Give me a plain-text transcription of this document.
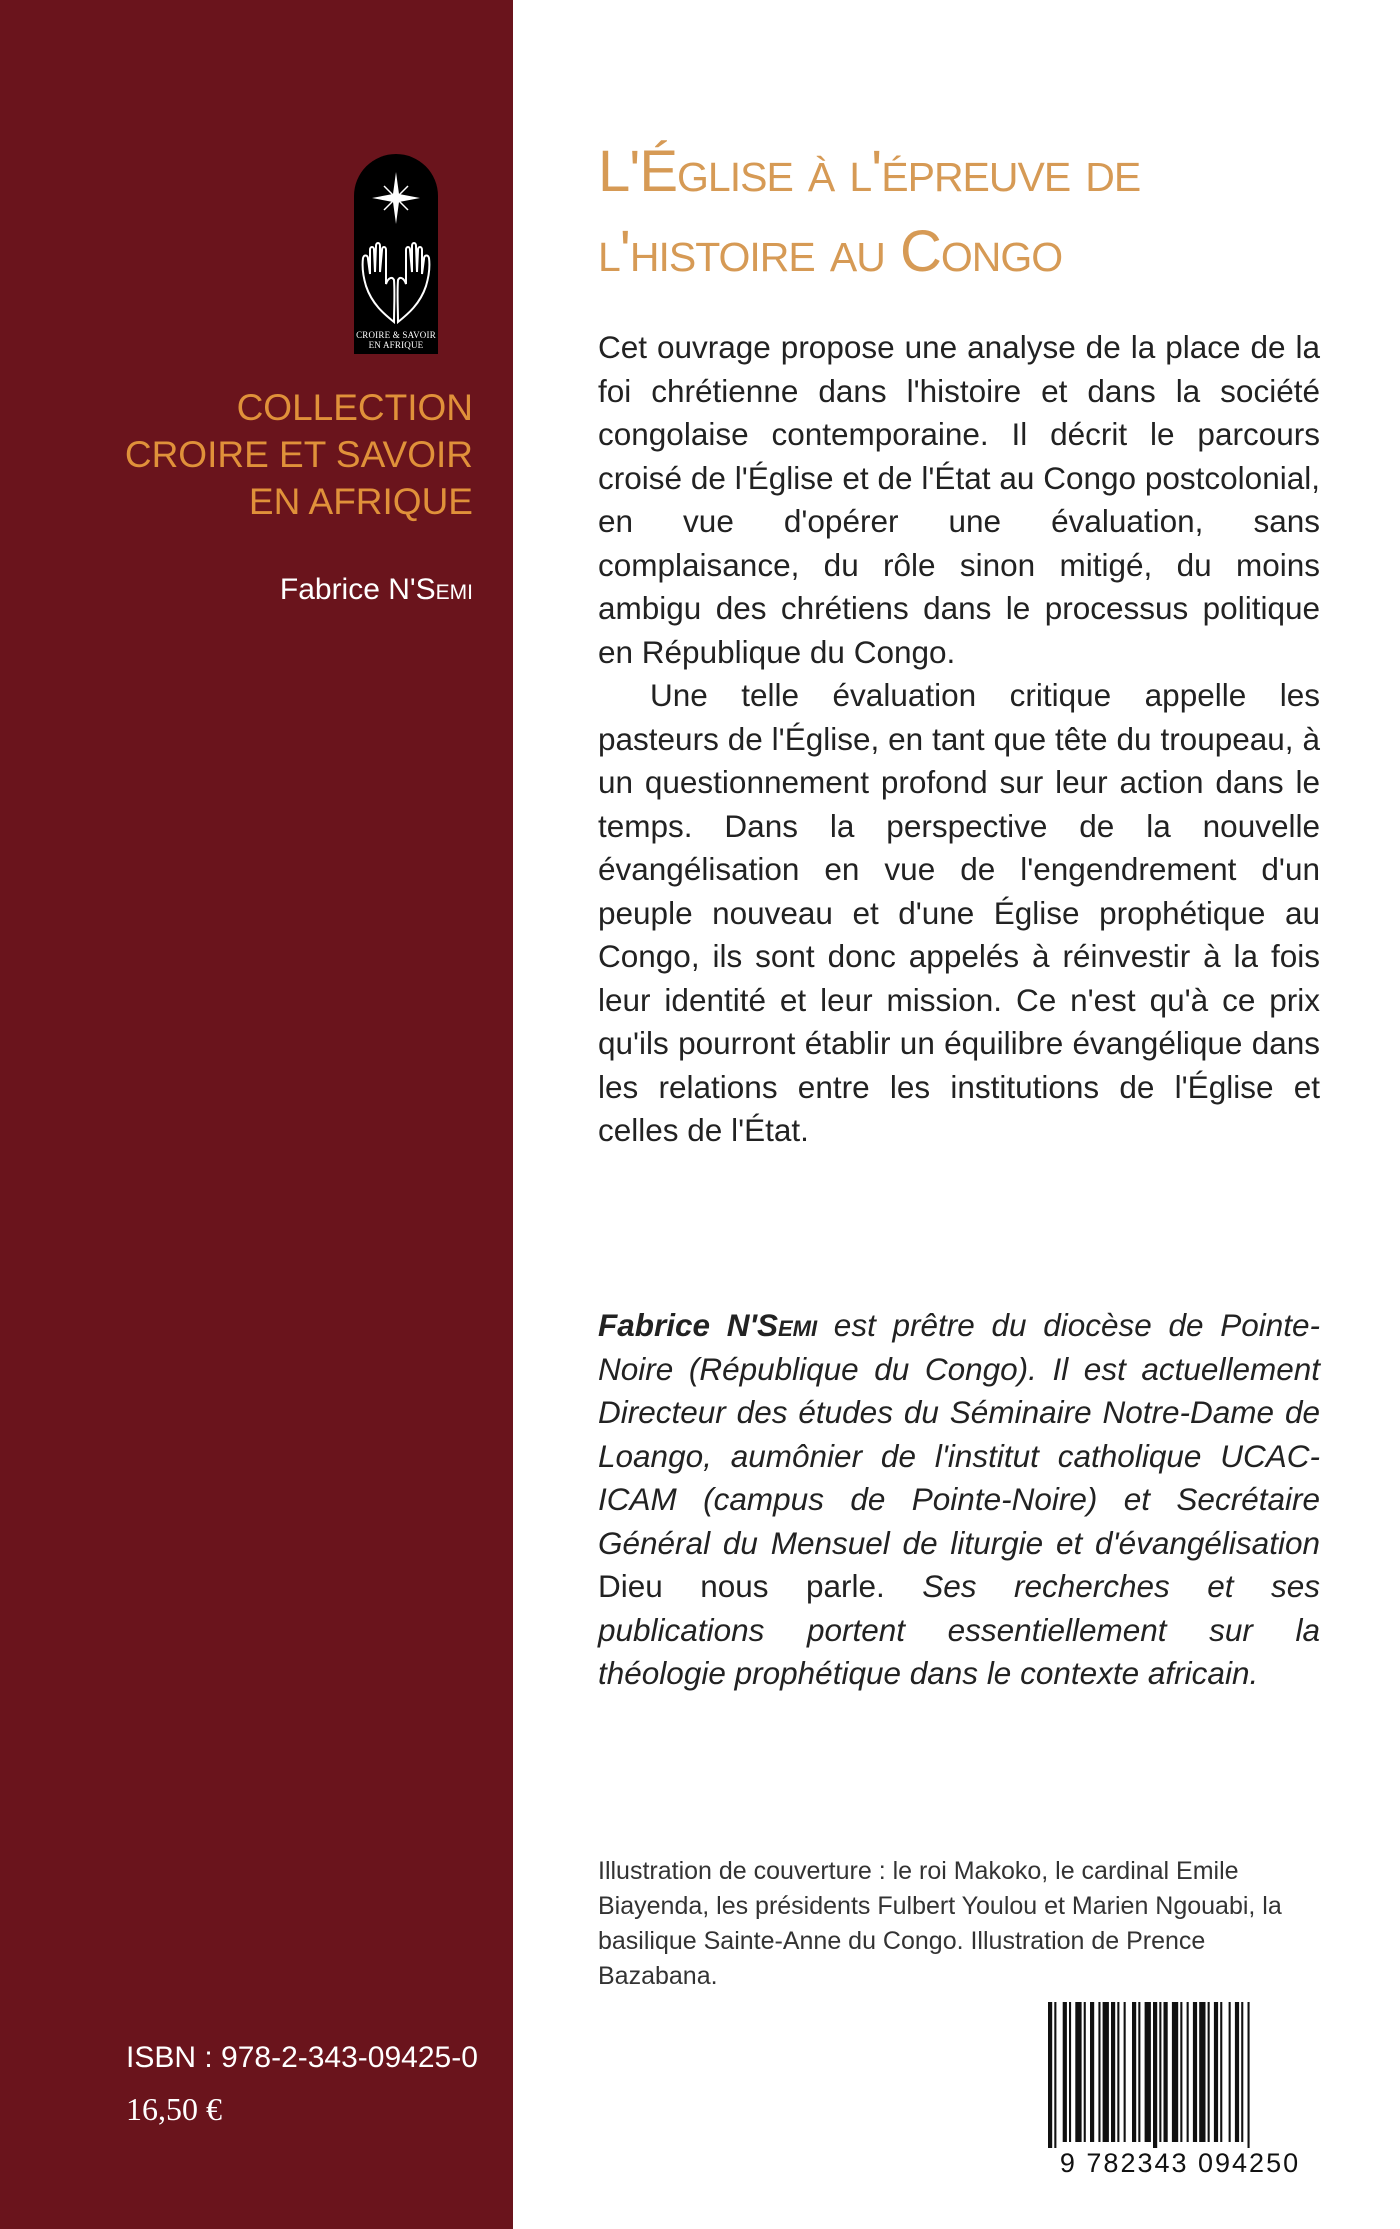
CROIRE & SAVOIR
EN AFRIQUE
COLLECTION
CROIRE ET SAVOIR
EN AFRIQUE
Fabrice N'Semi
ISBN : 978-2-343-09425-0
16,50 €
L'Église à l'épreuve de
l'histoire au Congo

Cet ouvrage propose une analyse de la place de la foi chrétienne dans l'histoire et dans la société congolaise contemporaine. Il décrit le parcours croisé de l'Église et de l'État au Congo postcolonial, en vue d'opérer une évaluation, sans complaisance, du rôle sinon mitigé, du moins ambigu des chrétiens dans le processus politique en République du Congo.

Une telle évaluation critique appelle les pasteurs de l'Église, en tant que tête du troupeau, à un questionnement profond sur leur action dans le temps. Dans la perspective de la nouvelle évangélisation en vue de l'engendrement d'un peuple nouveau et d'une Église prophétique au Congo, ils sont donc appelés à réinvestir à la fois leur identité et leur mission. Ce n'est qu'à ce prix qu'ils pourront établir un équilibre évangélique dans les relations entre les institutions de l'Église et celles de l'État.

Fabrice N'Semi est prêtre du diocèse de Pointe-Noire (République du Congo). Il est actuellement Directeur des études du Séminaire Notre-Dame de Loango, aumônier de l'institut catholique UCAC-ICAM (campus de Pointe-Noire) et Secrétaire Général du Mensuel de liturgie et d'évangélisation Dieu nous parle. Ses recherches et ses publications portent essentiellement sur la théologie prophétique dans le contexte africain.

Illustration de couverture : le roi Makoko, le cardinal Emile Biayenda, les présidents Fulbert Youlou et Marien Ngouabi, la basilique Sainte-Anne du Congo. Illustration de Prence Bazabana.

9 782343 094250
